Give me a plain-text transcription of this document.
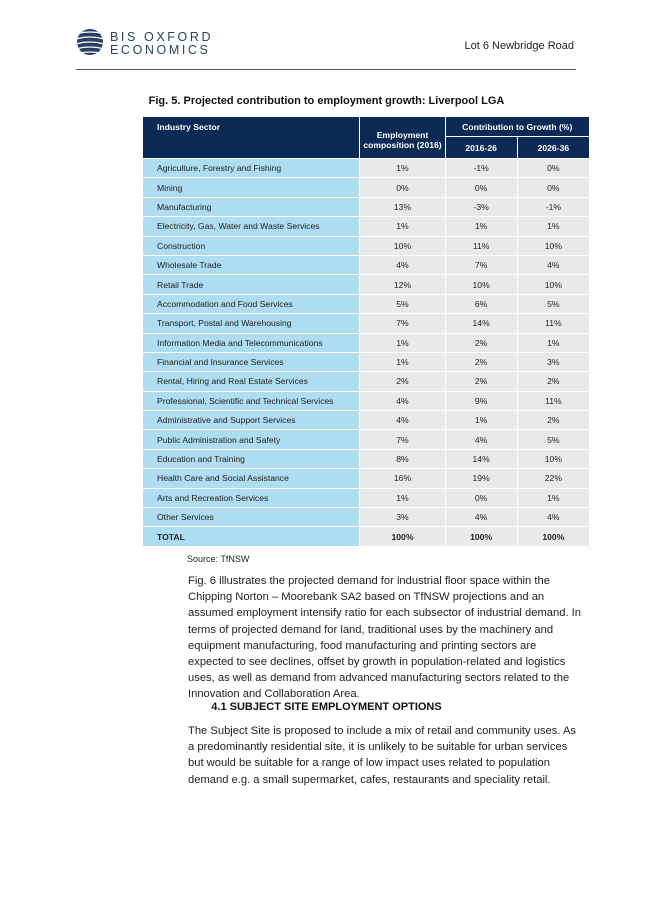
BIS OXFORD
ECONOMICS	Lot 6 Newbridge Road
Fig. 5. Projected contribution to employment growth: Liverpool LGA
Industry Sector	Employment composition (2016)	Contribution to Growth (%)	
		2016-26	2026-36
Agriculture, Forestry and Fishing	1%	-1%	0%
Mining	0%	0%	0%
Manufacturing	13%	-3%	-1%
Electricity, Gas, Water and Waste Services	1%	1%	1%
Construction	10%	11%	10%
Wholesale Trade	4%	7%	4%
Retail Trade	12%	10%	10%
Accommodation and Food Services	5%	6%	5%
Transport, Postal and Warehousing	7%	14%	11%
Information Media and Telecommunications	1%	2%	1%
Financial and Insurance Services	1%	2%	3%
Rental, Hiring and Real Estate Services	2%	2%	2%
Professional, Scientific and Technical Services	4%	9%	11%
Administrative and Support Services	4%	1%	2%
Public Administration and Safety	7%	4%	5%
Education and Training	8%	14%	10%
Health Care and Social Assistance	16%	19%	22%
Arts and Recreation Services	1%	0%	1%
Other Services	3%	4%	4%
TOTAL	100%	100%	100%
Source: TfNSW
Fig. 6 illustrates the projected demand for industrial floor space within the Chipping Norton – Moorebank SA2 based on TfNSW projections and an assumed employment intensify ratio for each subsector of industrial demand. In terms of projected demand for land, traditional uses by the machinery and equipment manufacturing, food manufacturing and printing sectors are expected to see declines, offset by growth in population-related and logistics uses, as well as demand from advanced manufacturing sectors related to the Innovation and Collaboration Area.
4.1 SUBJECT SITE EMPLOYMENT OPTIONS
The Subject Site is proposed to include a mix of retail and community uses. As a predominantly residential site, it is unlikely to be suitable for urban services but would be suitable for a range of low impact uses related to population demand e.g. a small supermarket, cafes, restaurants and speciality retail.
